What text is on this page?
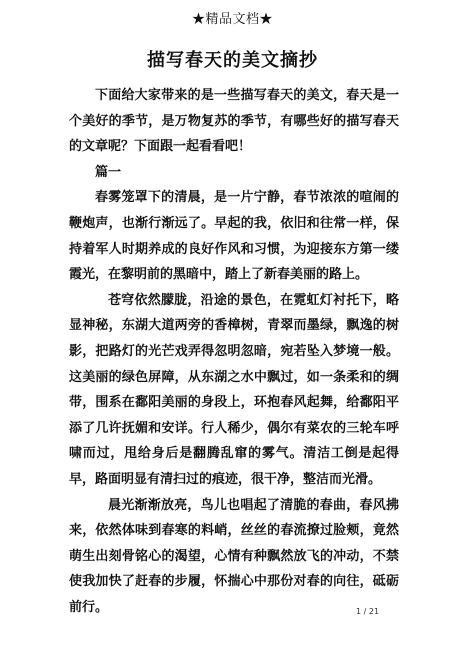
★精品文档★
描写春天的美文摘抄

下面给大家带来的是一些描写春天的美文，春天是一个美好的季节，是万物复苏的季节，有哪些好的描写春天的文章呢？下面跟一起看看吧！

篇一

春雾笼罩下的清晨，是一片宁静，春节浓浓的喧闹的鞭炮声，也渐行渐远了。早起的我，依旧和往常一样，保持着军人时期养成的良好作风和习惯，为迎接东方第一缕霞光，在黎明前的黑暗中，踏上了新春美丽的路上。

苍穹依然朦胧，沿途的景色，在霓虹灯衬托下，略显神秘，东湖大道两旁的香樟树，青翠而墨绿，飘逸的树影，把路灯的光芒戏弄得忽明忽暗，宛若坠入梦境一般。这美丽的绿色屏障，从东湖之水中飘过，如一条柔和的绸带，围系在鄱阳美丽的身段上，环抱春风起舞，给鄱阳平添了几许抚媚和安详。行人稀少，偶尔有菜农的三轮车呼啸而过，甩给身后是翻腾乱窜的雾气。清洁工倒是起得早，路面明显有清扫过的痕迹，很干净，整洁而光滑。

晨光渐渐放亮，鸟儿也唱起了清脆的春曲，春风拂来，依然体味到春寒的料峭，丝丝的春流撩过脸颊，竟然萌生出刻骨铭心的渴望，心情有种飘然放飞的冲动，不禁使我加快了赶春的步履，怀揣心中那份对春的向往，砥砺前行。	1 / 21
